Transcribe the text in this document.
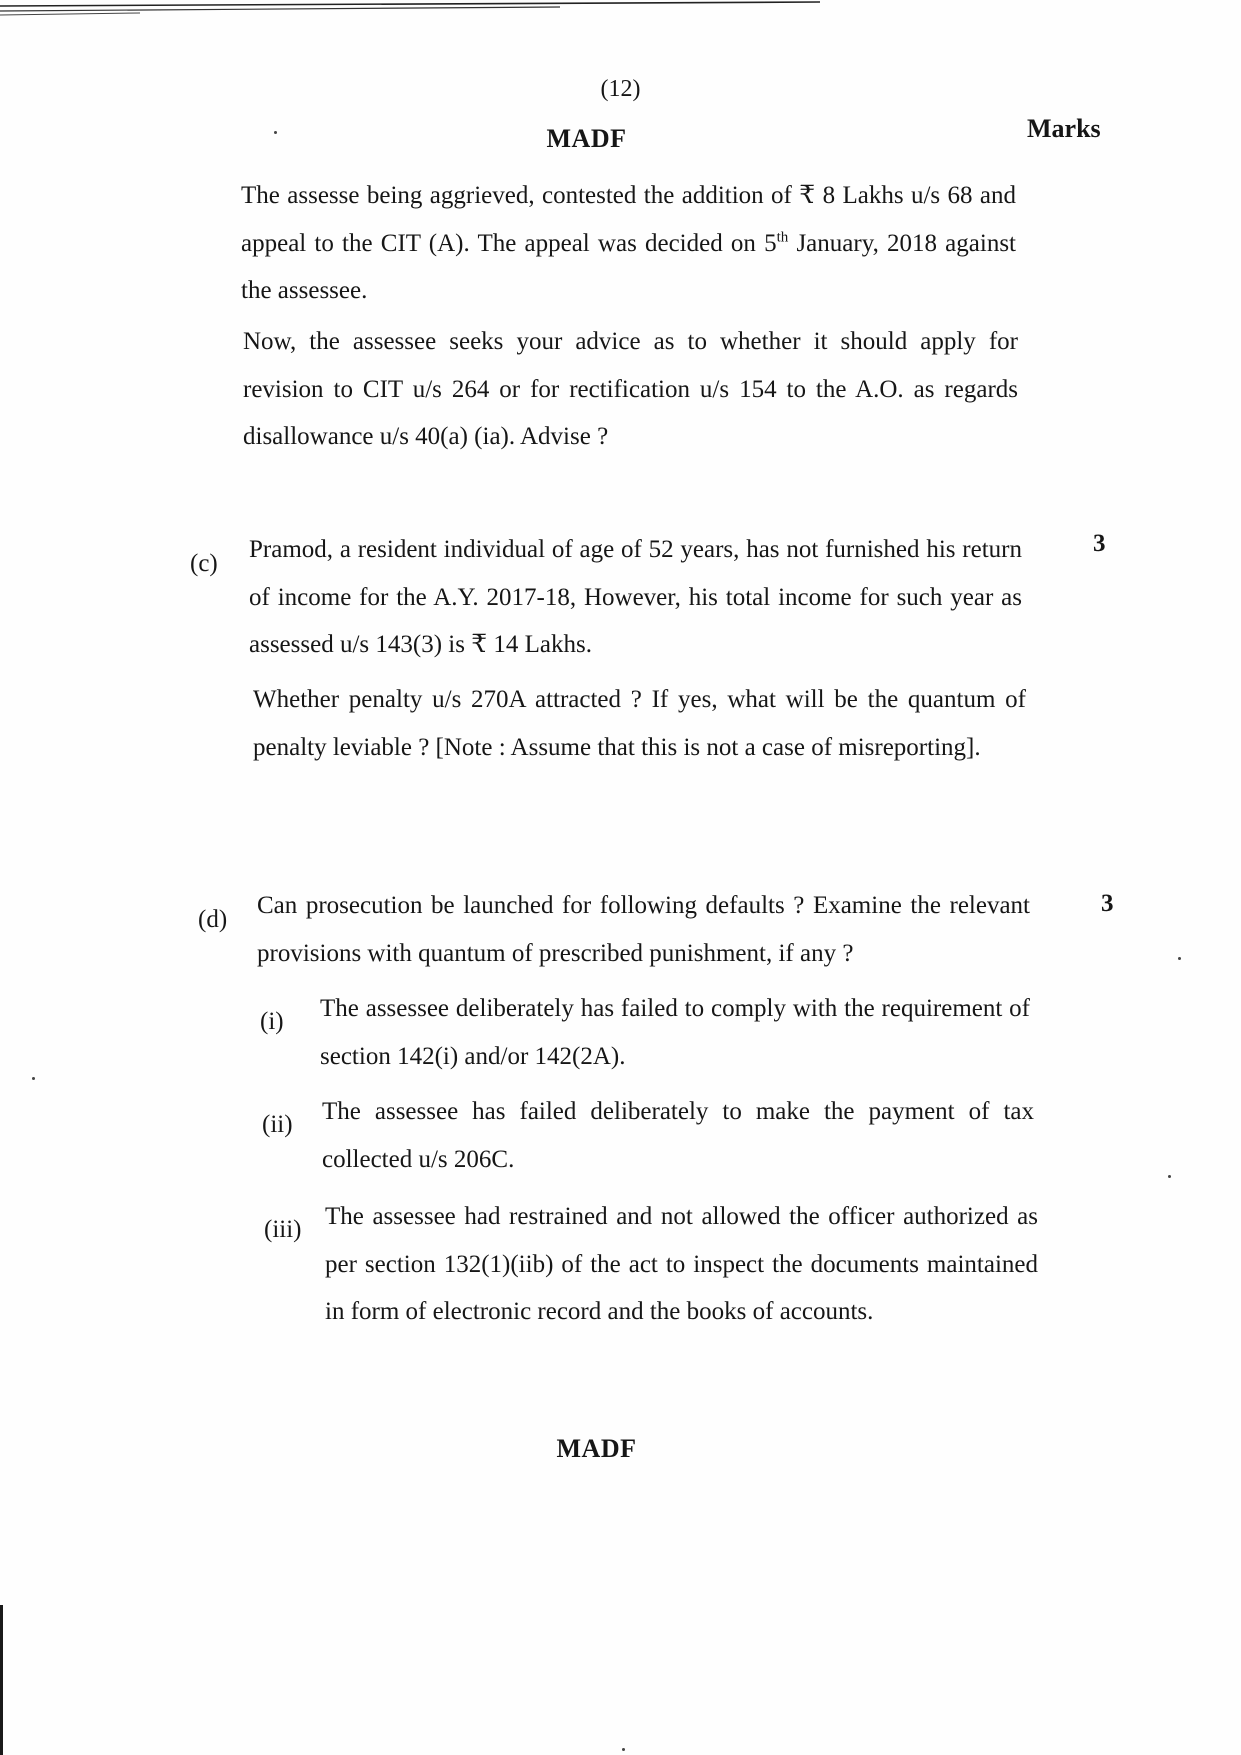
(12)
MADF	Marks

The assesse being aggrieved, contested the addition of ₹ 8 Lakhs u/s 68 and appeal to the CIT (A). The appeal was decided on 5th January, 2018 against the assessee.

Now, the assessee seeks your advice as to whether it should apply for revision to CIT u/s 264 or for rectification u/s 154 to the A.O. as regards disallowance u/s 40(a) (ia). Advise ?

(c)
3

Pramod, a resident individual of age of 52 years, has not furnished his return of income for the A.Y. 2017-18, However, his total income for such year as assessed u/s 143(3) is ₹ 14 Lakhs.

Whether penalty u/s 270A attracted ? If yes, what will be the quantum of penalty leviable ? [Note : Assume that this is not a case of misreporting].

(d)
3

Can prosecution be launched for following defaults ? Examine the relevant provisions with quantum of prescribed punishment, if any ?

(i) The assessee deliberately has failed to comply with the requirement of section 142(i) and/or 142(2A).

(ii) The assessee has failed deliberately to make the payment of tax collected u/s 206C.

(iii) The assessee had restrained and not allowed the officer authorized as per section 132(1)(iib) of the act to inspect the documents maintained in form of electronic record and the books of accounts.

MADF
